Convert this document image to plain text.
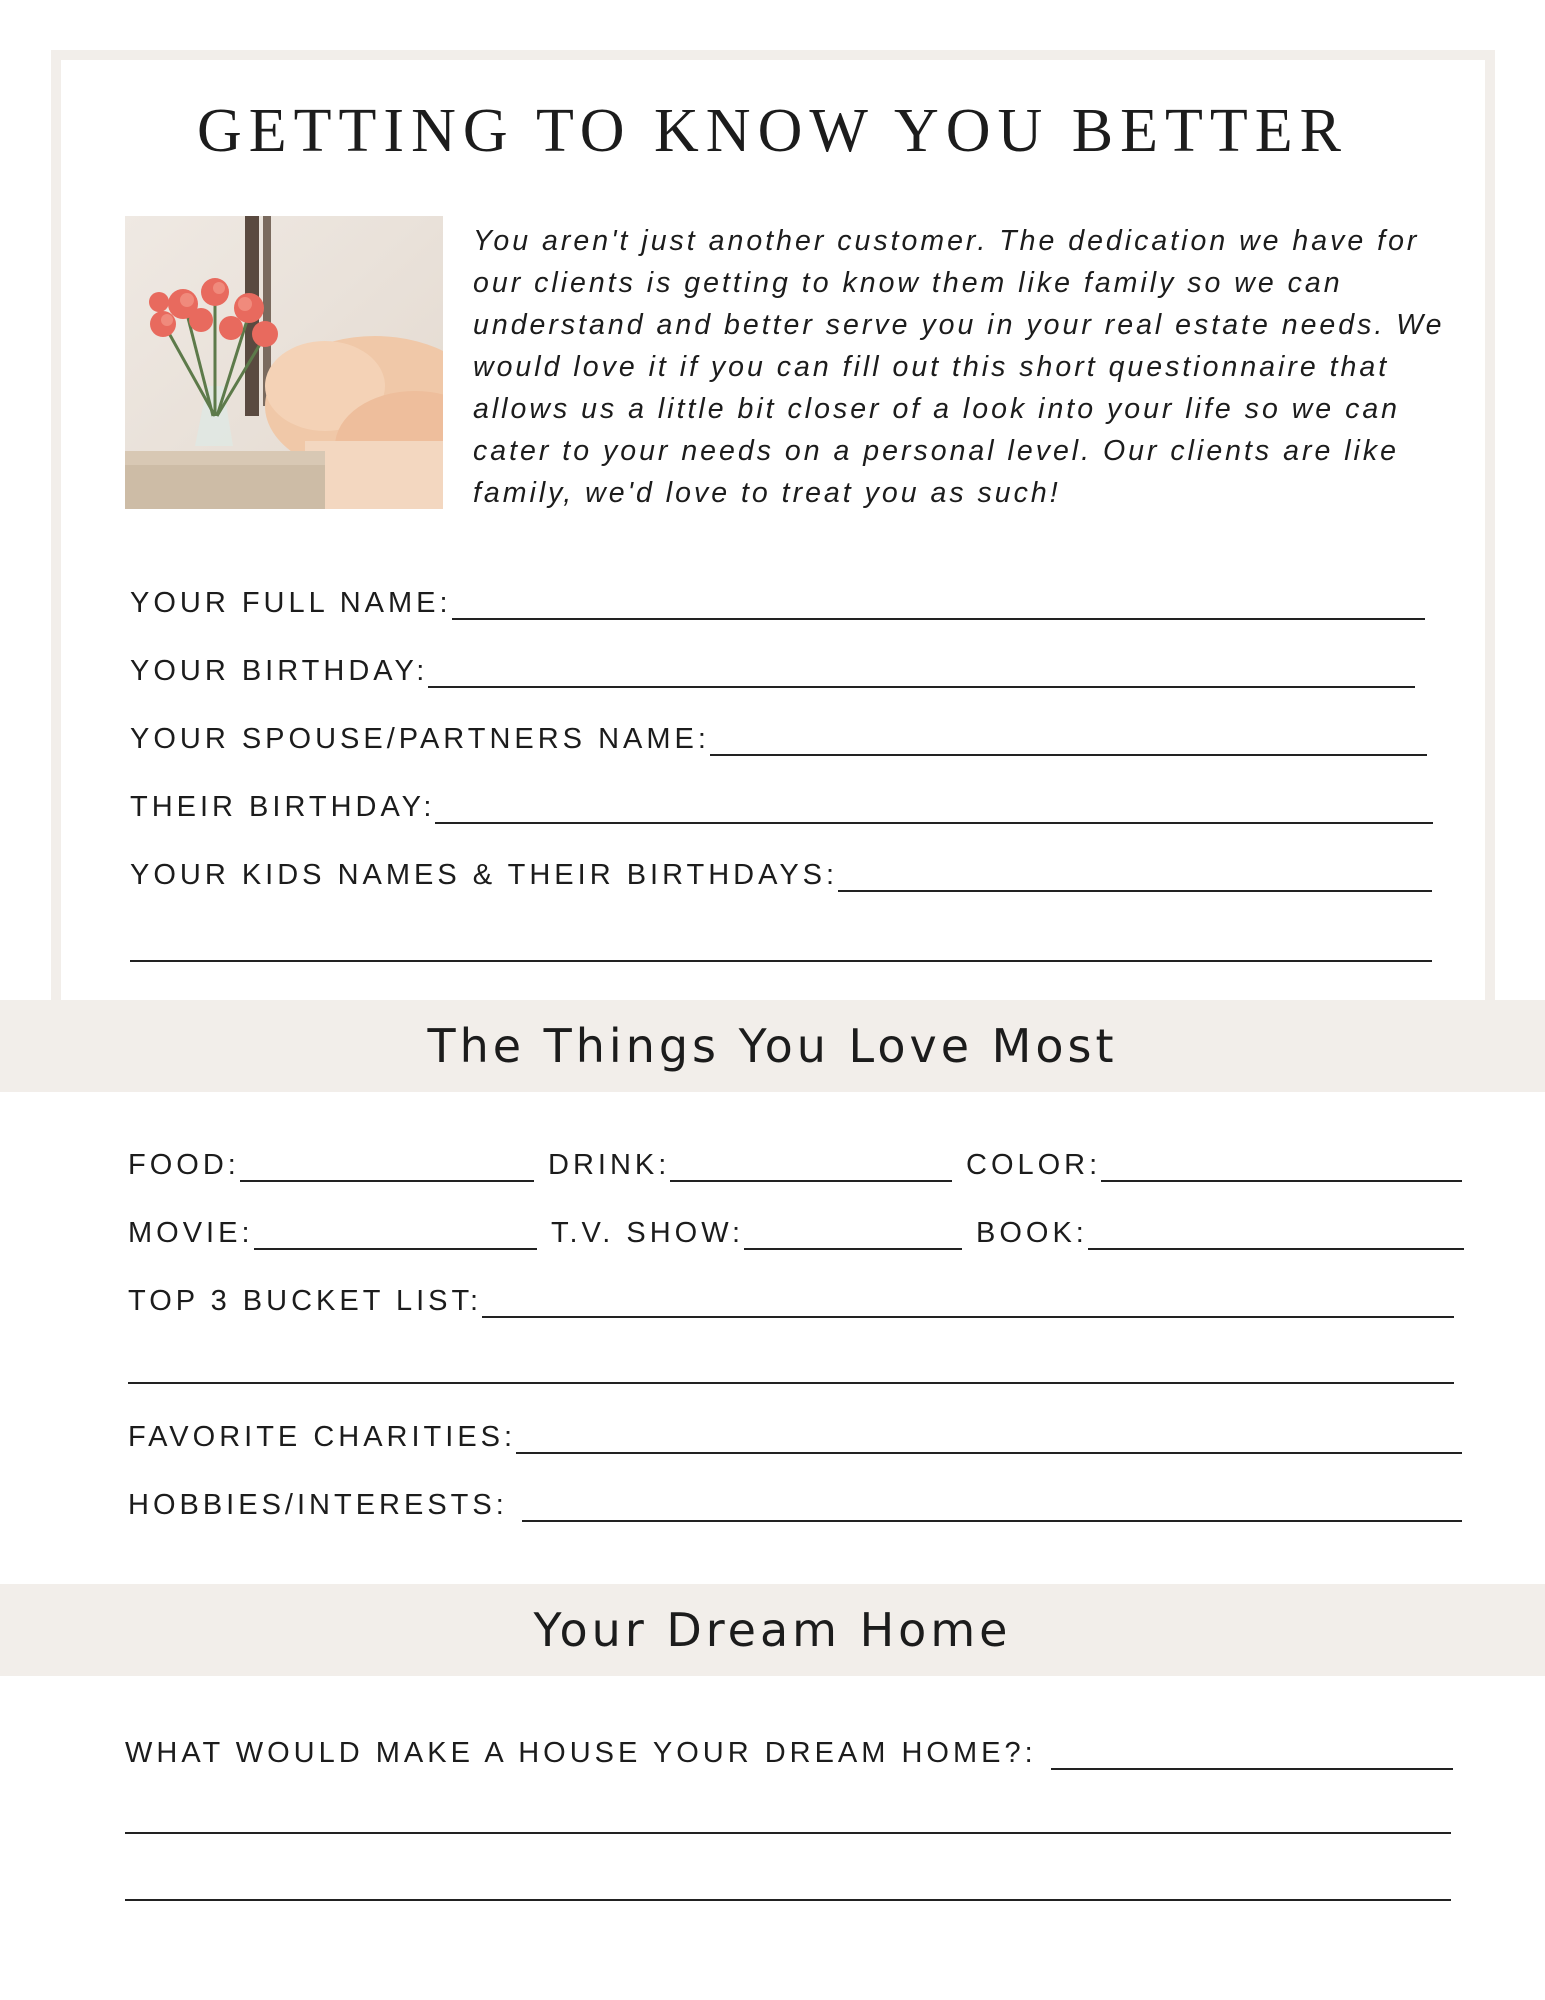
GETTING TO KNOW YOU BETTER

You aren't just another customer. The dedication we have for our clients is getting to know them like family so we can understand and better serve you in your real estate needs. We would love it if you can fill out this short questionnaire that allows us a little bit closer of a look into your life so we can cater to your needs on a personal level. Our clients are like family, we'd love to treat you as such!

YOUR FULL NAME:
YOUR BIRTHDAY:
YOUR SPOUSE/PARTNERS NAME:
THEIR BIRTHDAY:
YOUR KIDS NAMES & THEIR BIRTHDAYS:
The Things You Love Most
FOOD:	DRINK:	COLOR:
MOVIE:	T.V. SHOW:	BOOK:
TOP 3 BUCKET LIST:
FAVORITE CHARITIES:
HOBBIES/INTERESTS:
Your Dream Home
WHAT WOULD MAKE A HOUSE YOUR DREAM HOME?:
